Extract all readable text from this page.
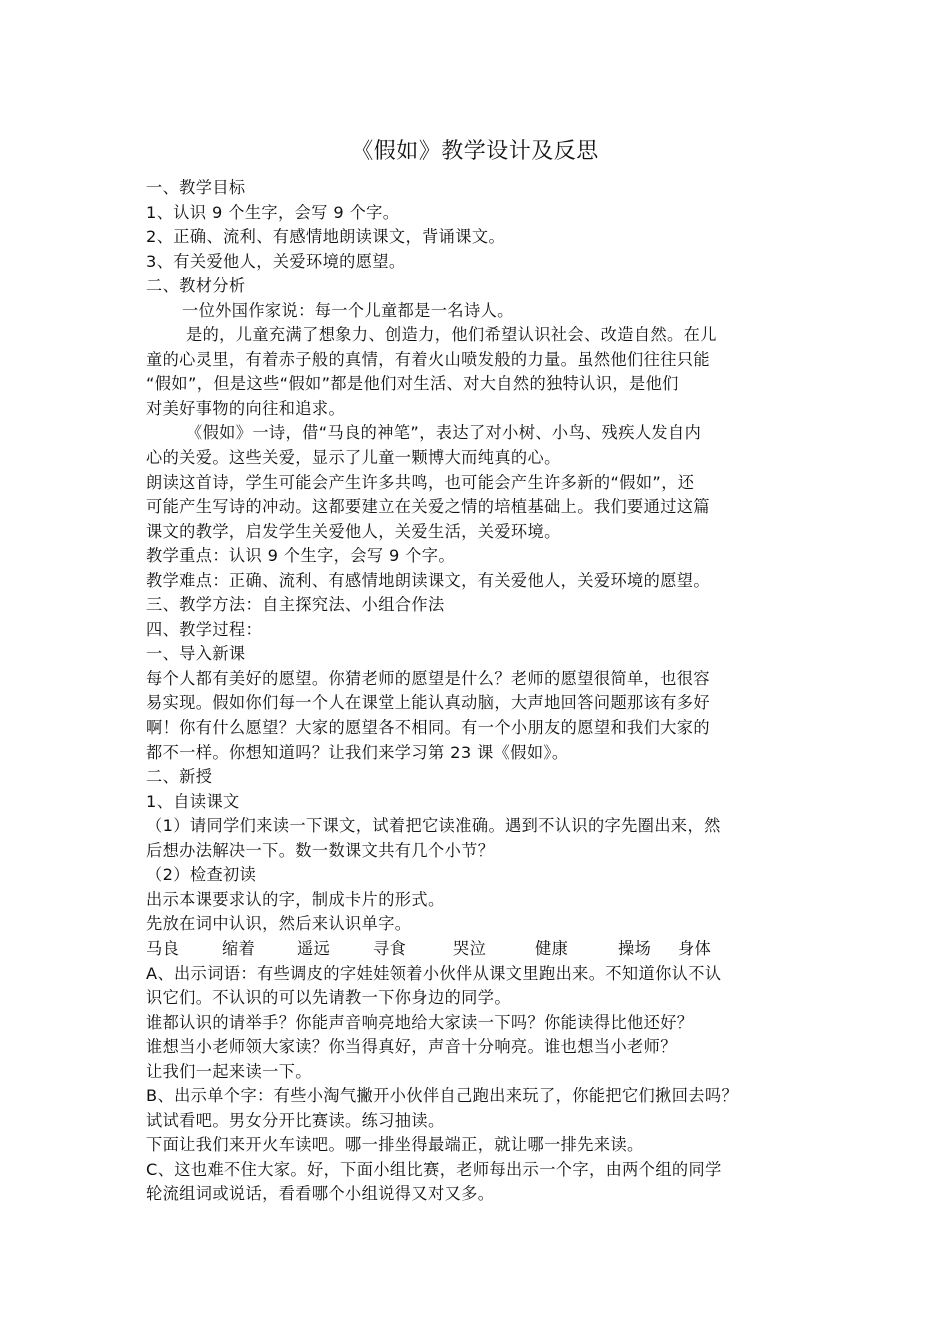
《假如》教学设计及反思
一、教学目标
1、认识 9 个生字，会写 9 个字。
2、正确、流利、有感情地朗读课文，背诵课文。
3、有关爱他人，关爱环境的愿望。
二、教材分析
一位外国作家说：每一个儿童都是一名诗人。
是的，儿童充满了想象力、创造力，他们希望认识社会、改造自然。在儿
童的心灵里，有着赤子般的真情，有着火山喷发般的力量。虽然他们往往只能
“假如”，但是这些“假如”都是他们对生活、对大自然的独特认识，是他们
对美好事物的向往和追求。
《假如》一诗，借“马良的神笔”，表达了对小树、小鸟、残疾人发自内
心的关爱。这些关爱，显示了儿童一颗博大而纯真的心。
朗读这首诗，学生可能会产生许多共鸣，也可能会产生许多新的“假如”，还
可能产生写诗的冲动。这都要建立在关爱之情的培植基础上。我们要通过这篇
课文的教学，启发学生关爱他人，关爱生活，关爱环境。
教学重点：认识 9 个生字，会写 9 个字。
教学难点：正确、流利、有感情地朗读课文，有关爱他人，关爱环境的愿望。
三、教学方法：自主探究法、小组合作法
四、教学过程：
一、导入新课
每个人都有美好的愿望。你猜老师的愿望是什么？老师的愿望很简单，也很容
易实现。假如你们每一个人在课堂上能认真动脑，大声地回答问题那该有多好
啊！你有什么愿望？大家的愿望各不相同。有一个小朋友的愿望和我们大家的
都不一样。你想知道吗？让我们来学习第 23 课《假如》。
二、新授
1、自读课文
（1）请同学们来读一下课文，试着把它读准确。遇到不认识的字先圈出来，然
后想办法解决一下。数一数课文共有几个小节？
（2）检查初读
出示本课要求认的字，制成卡片的形式。
先放在词中认识，然后来认识单字。
马良	缩着	遥远	寻食	哭泣	健康	操场	身体
A、出示词语：有些调皮的字娃娃领着小伙伴从课文里跑出来。不知道你认不认
识它们。不认识的可以先请教一下你身边的同学。
谁都认识的请举手？你能声音响亮地给大家读一下吗？你能读得比他还好？
谁想当小老师领大家读？你当得真好，声音十分响亮。谁也想当小老师？
让我们一起来读一下。
B、出示单个字：有些小淘气撇开小伙伴自己跑出来玩了，你能把它们揪回去吗？
试试看吧。男女分开比赛读。练习抽读。
下面让我们来开火车读吧。哪一排坐得最端正，就让哪一排先来读。
C、这也难不住大家。好，下面小组比赛，老师每出示一个字，由两个组的同学
轮流组词或说话，看看哪个小组说得又对又多。
